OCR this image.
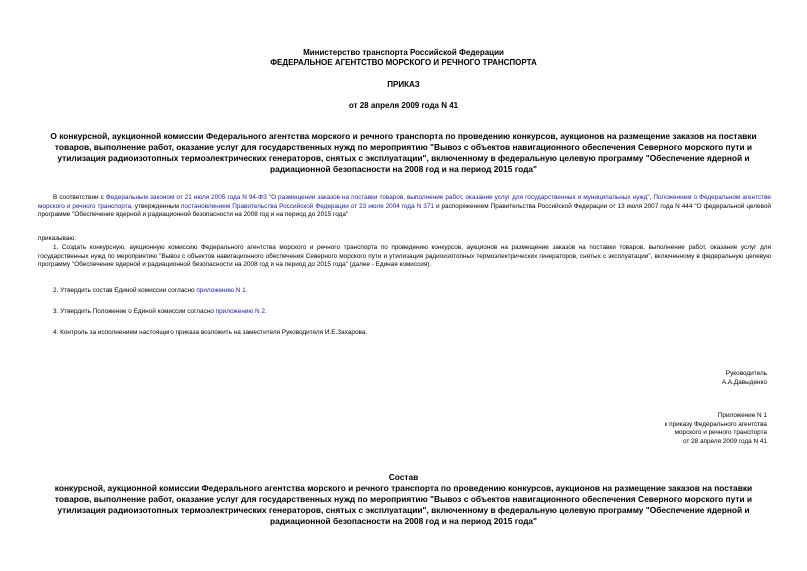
Министерство транспорта Российской Федерации
ФЕДЕРАЛЬНОЕ АГЕНТСТВО МОРСКОГО И РЕЧНОГО ТРАНСПОРТА
ПРИКАЗ
от 28 апреля 2009 года N 41
О конкурсной, аукционной комиссии Федерального агентства морского и речного транспорта по проведению конкурсов, аукционов на размещение заказов на поставки товаров, выполнение работ, оказание услуг для государственных нужд по мероприятию "Вывоз с объектов навигационного обеспечения Северного морского пути и утилизация радиоизотопных термоэлектрических генераторов, снятых с эксплуатации", включенному в федеральную целевую программу "Обеспечение ядерной и радиационной безопасности на 2008 год и на период 2015 года"
В соответствии с Федеральным законом от 21 июля 2005 года N 94-ФЗ "О размещении заказов на поставки товаров, выполнение работ, оказание услуг для государственных и муниципальных нужд", Положением о Федеральном агентстве морского и речного транспорта, утвержденным постановлением Правительства Российской Федерации от 23 июля 2004 года N 371 и распоряжением Правительства Российской Федерации от 13 июля 2007 года N 444 "О федеральной целевой программе "Обеспечение ядерной и радиационной безопасности на 2008 год и на период до 2015 года"
приказываю:
1. Создать конкурсную, аукционную комиссию Федерального агентства морского и речного транспорта по проведению конкурсов, аукционов на размещение заказов на поставки товаров, выполнение работ, оказание услуг для государственных нужд по мероприятию "Вывоз с объектов навигационного обеспечения Северного морского пути и утилизация радиоизотопных термоэлектрических генераторов, снятых с эксплуатации", включенному в федеральную целевую программу "Обеспечение ядерной и радиационной безопасности на 2008 год и на период до 2015 года" (далее - Единая комиссия).
2. Утвердить состав Единой комиссии согласно приложению N 1.
3. Утвердить Положение о Единой комиссии согласно приложению N 2.
4. Контроль за исполнением настоящего приказа возложить на заместителя Руководителя И.Е.Захарова.
Руководитель
А.А.Давыденко
Приложение N 1
к приказу Федерального агентства
морского и речного транспорта
от 28 апреля 2009 года N 41
Состав
конкурсной, аукционной комиссии Федерального агентства морского и речного транспорта по проведению конкурсов, аукционов на размещение заказов на поставки товаров, выполнение работ, оказание услуг для государственных нужд по мероприятию "Вывоз с объектов навигационного обеспечения Северного морского пути и утилизация радиоизотопных термоэлектрических генераторов, снятых с эксплуатации", включенному в федеральную целевую программу "Обеспечение ядерной и радиационной безопасности на 2008 год и на период 2015 года"
